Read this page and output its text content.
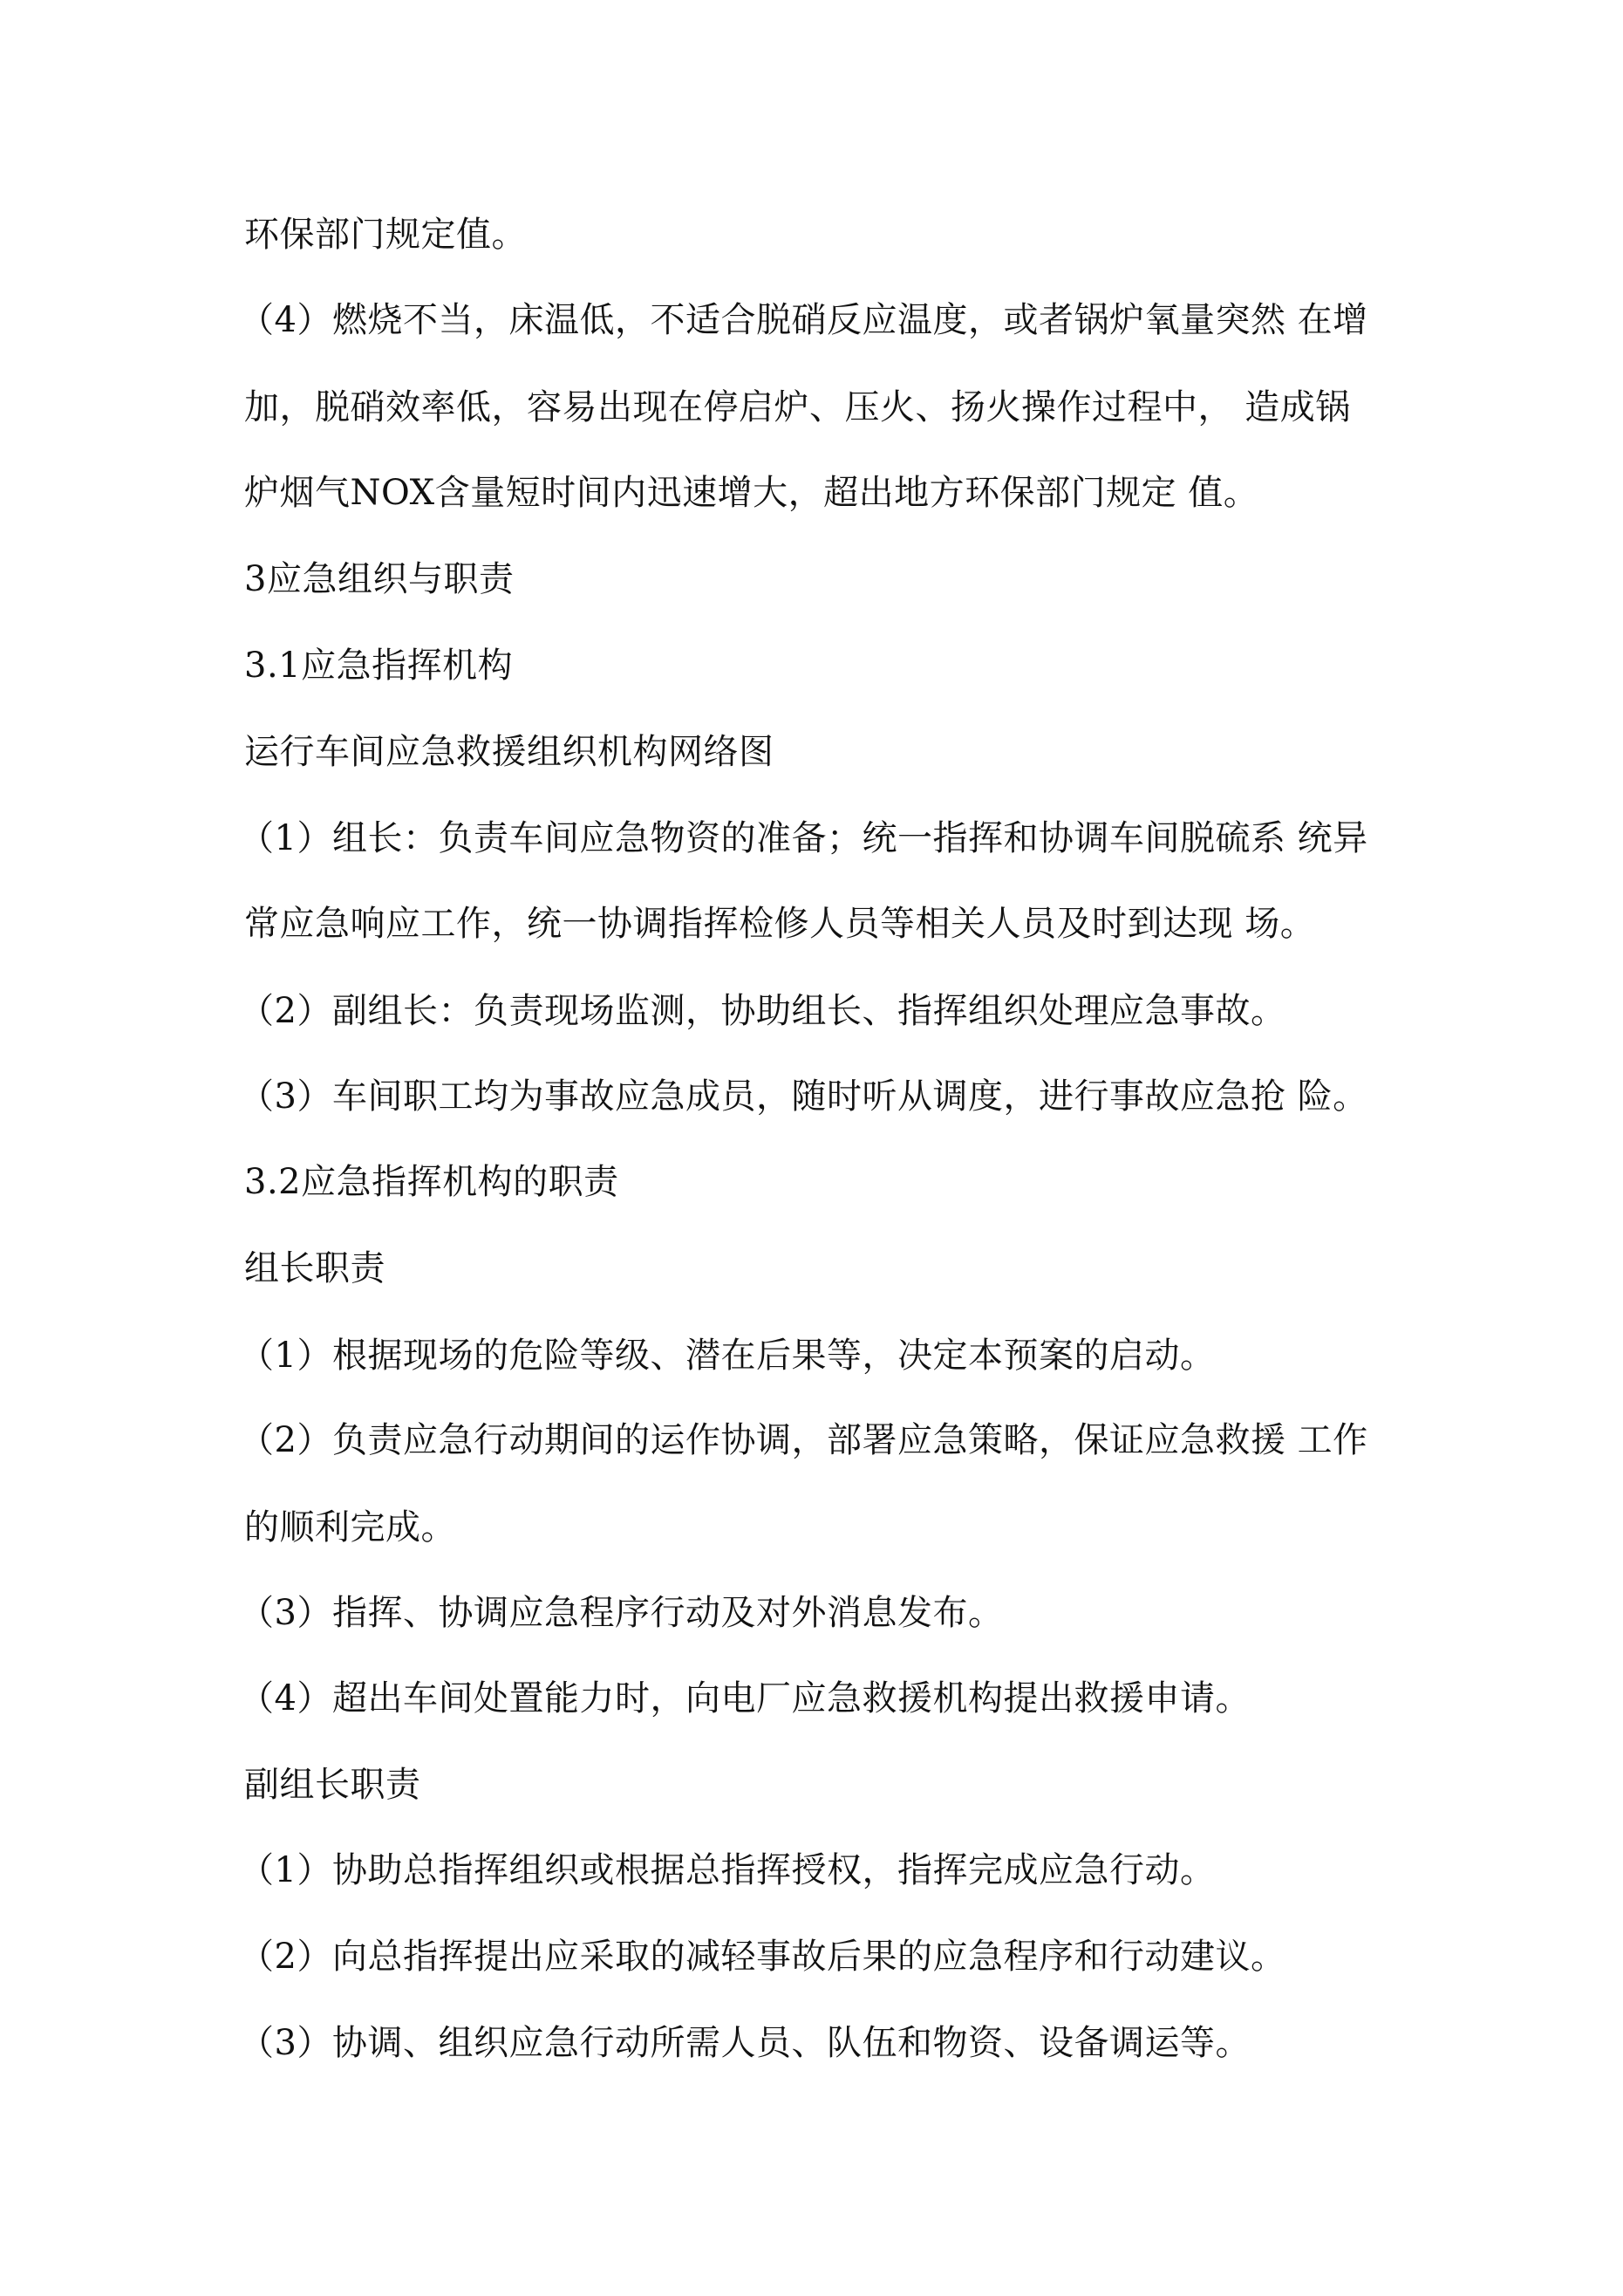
环保部门规定值。
（4）燃烧不当，床温低，不适合脱硝反应温度，或者锅炉氧量突然 在增
加，脱硝效率低，容易出现在停启炉、压火、扬火操作过程中， 造成锅
炉烟气NOX含量短时间内迅速增大，超出地方环保部门规定 值。
3应急组织与职责
3.1应急指挥机构
运行车间应急救援组织机构网络图
（1）组长：负责车间应急物资的准备；统一指挥和协调车间脱硫系 统异
常应急响应工作，统一协调指挥检修人员等相关人员及时到达现 场。
（2）副组长：负责现场监测，协助组长、指挥组织处理应急事故。
（3）车间职工均为事故应急成员，随时听从调度，进行事故应急抢 险。
3.2应急指挥机构的职责
组长职责
（1）根据现场的危险等级、潜在后果等，决定本预案的启动。
（2）负责应急行动期间的运作协调，部署应急策略，保证应急救援 工作
的顺利完成。
（3）指挥、协调应急程序行动及对外消息发布。
（4）超出车间处置能力时，向电厂应急救援机构提出救援申请。
副组长职责
（1）协助总指挥组织或根据总指挥授权，指挥完成应急行动。
（2）向总指挥提出应采取的减轻事故后果的应急程序和行动建议。
（3）协调、组织应急行动所需人员、队伍和物资、设备调运等。
